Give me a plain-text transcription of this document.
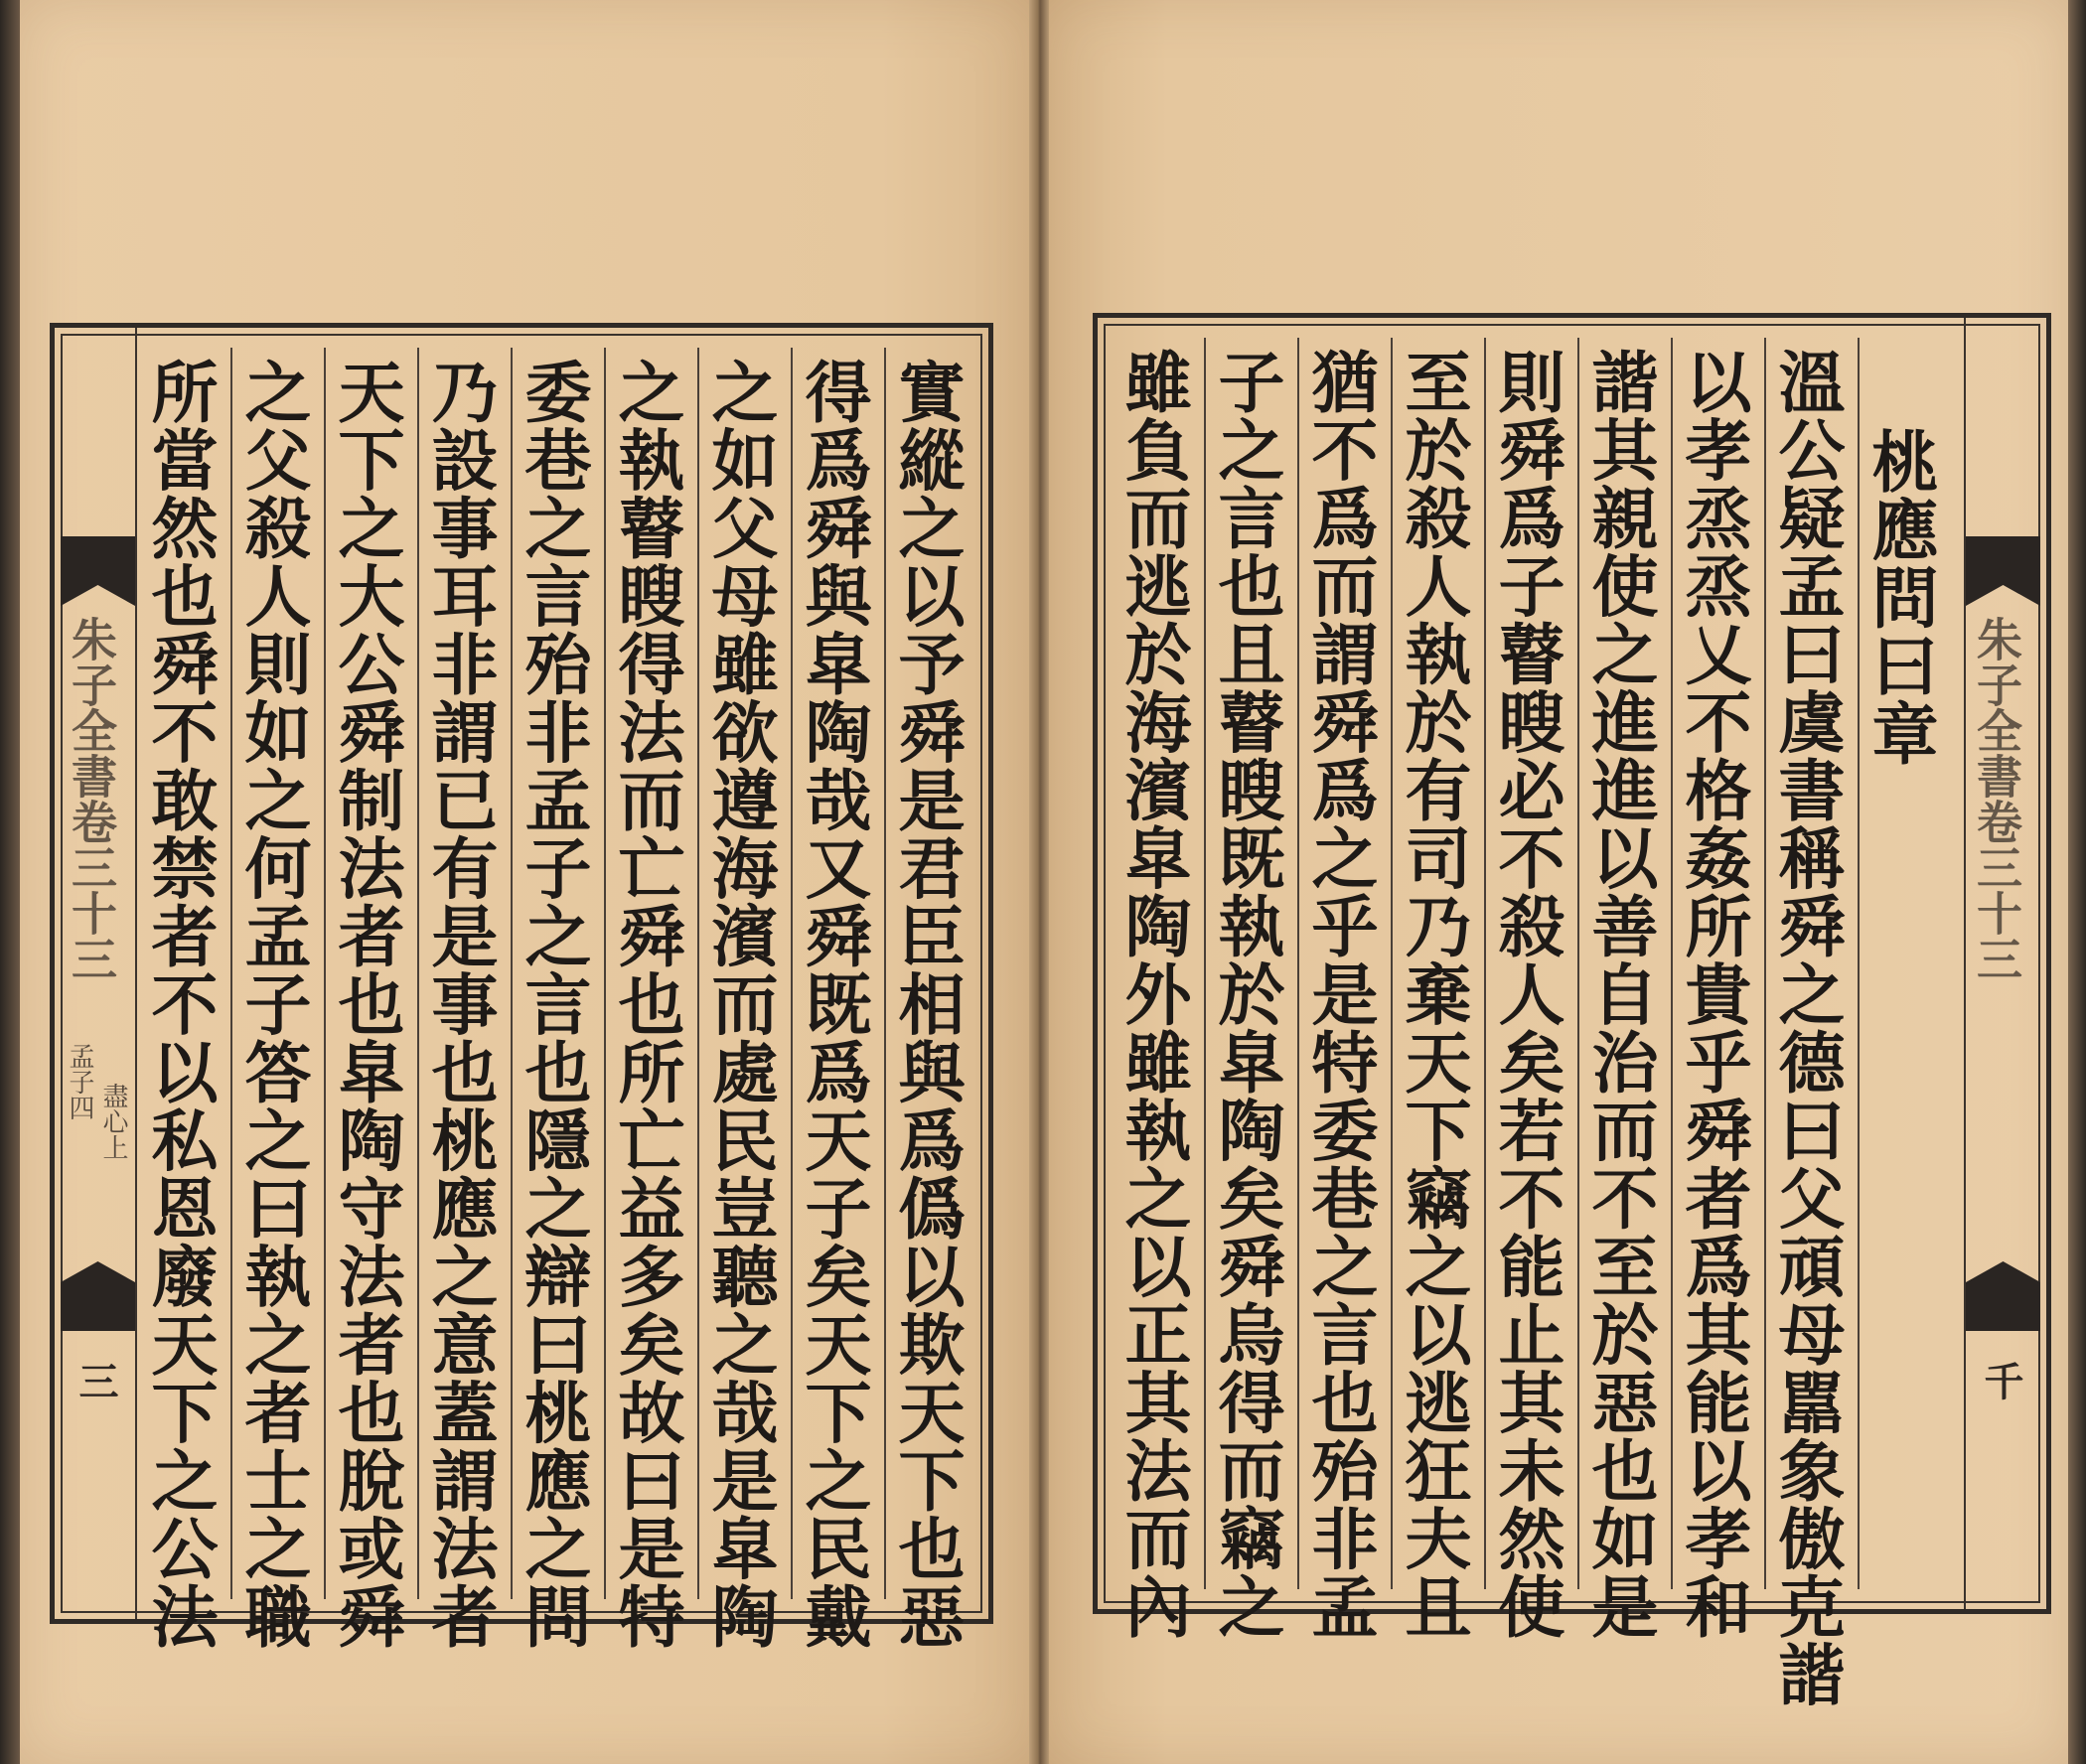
朱子全書卷三十三
孟子四
盡心上
三 所當然也舜不敢禁者不以私恩廢天下之公法 之父殺人則如之何孟子答之曰執之者士之職 天下之大公舜制法者也皐陶守法者也脫或舜 乃設事耳非謂已有是事也桃應之意蓋謂法者 委巷之言殆非孟子之言也隱之辯曰桃應之問 之執瞽瞍得法而亡舜也所亡益多矣故曰是特 之如父母雖欲遵海濱而處民豈聽之哉是皐陶 得爲舜與皐陶哉又舜既爲天子矣天下之民戴 實縱之以予舜是君臣相與爲僞以欺天下也惡 雖負而逃於海濱皐陶外雖執之以正其法而內 子之言也且瞽瞍既執於皐陶矣舜烏得而竊之 猶不爲而謂舜爲之乎是特委巷之言也殆非孟 至於殺人執於有司乃棄天下竊之以逃狂夫且 則舜爲子瞽瞍必不殺人矣若不能止其未然使 諧其親使之進進以善自治而不至於惡也如是 以孝烝烝乂不格姦所貴乎舜者爲其能以孝和 溫公疑孟曰虞書稱舜之德曰父頑母嚚象傲克諧 桃應問曰章
朱子全書卷三十三
千
